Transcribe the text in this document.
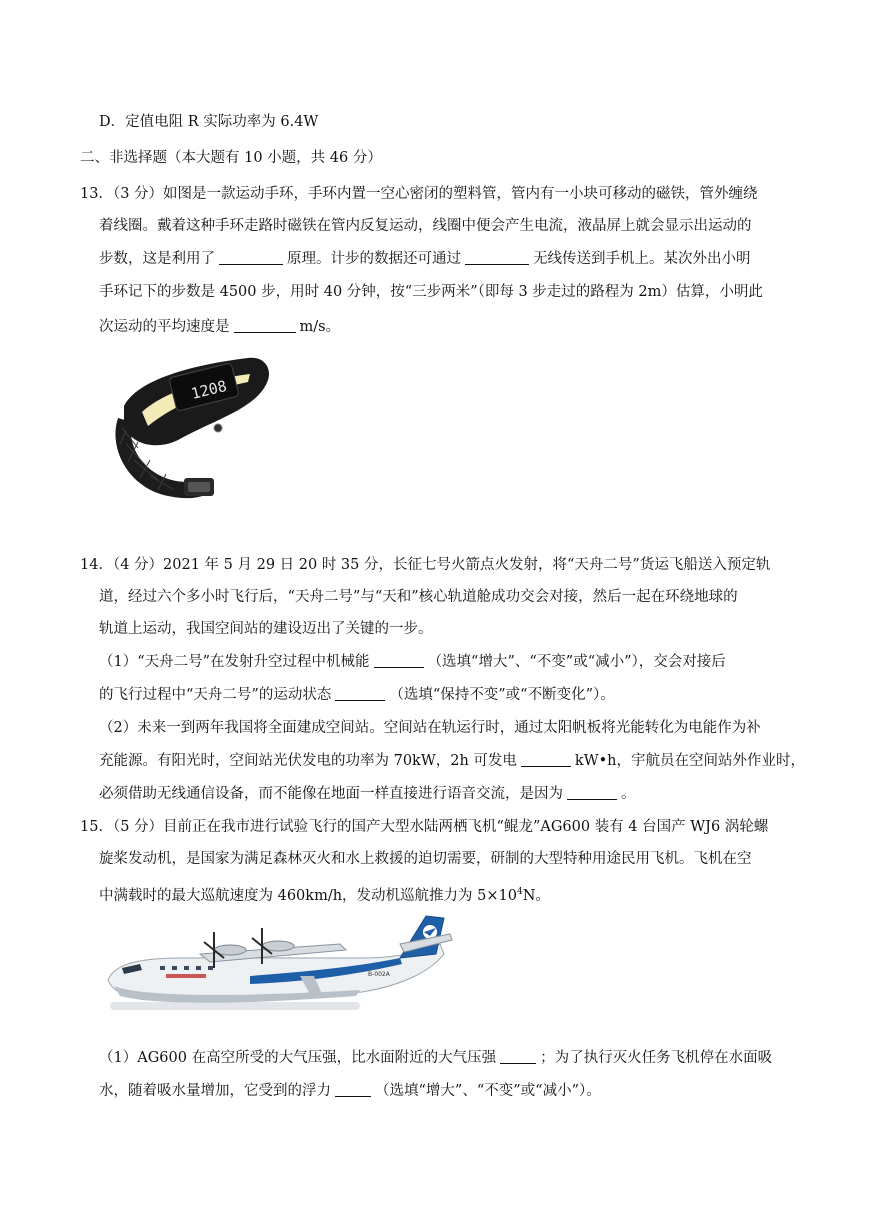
D．定值电阻 R 实际功率为 6.4W
二、非选择题（本大题有 10 小题，共 46 分）
13．（3 分）如图是一款运动手环，手环内置一空心密闭的塑料管，管内有一小块可移动的磁铁，管外缠绕
着线圈。戴着这种手环走路时磁铁在管内反复运动，线圈中便会产生电流，液晶屏上就会显示出运动的
步数，这是利用了	原理。计步的数据还可通过	无线传送到手机上。某次外出小明
手环记下的步数是 4500 步，用时 40 分钟，按“三步两米”（即每 3 步走过的路程为 2m）估算，小明此
次运动的平均速度是	m/s。
1208
14．（4 分）2021 年 5 月 29 日 20 时 35 分，长征七号火箭点火发射，将“天舟二号”货运飞船送入预定轨
道，经过六个多小时飞行后，“天舟二号”与“天和”核心轨道舱成功交会对接，然后一起在环绕地球的
轨道上运动，我国空间站的建设迈出了关键的一步。
（1）“天舟二号”在发射升空过程中机械能	（选填“增大”、“不变”或“减小”），交会对接后
的飞行过程中“天舟二号”的运动状态	（选填“保持不变”或“不断变化”）。
（2）未来一到两年我国将全面建成空间站。空间站在轨运行时，通过太阳帆板将光能转化为电能作为补
充能源。有阳光时，空间站光伏发电的功率为 70kW，2h 可发电	kW•h，宇航员在空间站外作业时，
必须借助无线通信设备，而不能像在地面一样直接进行语音交流，是因为	。
15．（5 分）目前正在我市进行试验飞行的国产大型水陆两栖飞机“鲲龙”AG600 装有 4 台国产 WJ6 涡轮螺
旋桨发动机，是国家为满足森林灭火和水上救援的迫切需要，研制的大型特种用途民用飞机。飞机在空
中满载时的最大巡航速度为 460km/h，发动机巡航推力为 $5\times 10^4N$。
B-002A
（1）AG600 在高空所受的大气压强，比水面附近的大气压强	；为了执行灭火任务飞机停在水面吸
水，随着吸水量增加，它受到的浮力	（选填“增大”、“不变”或“减小”）。
